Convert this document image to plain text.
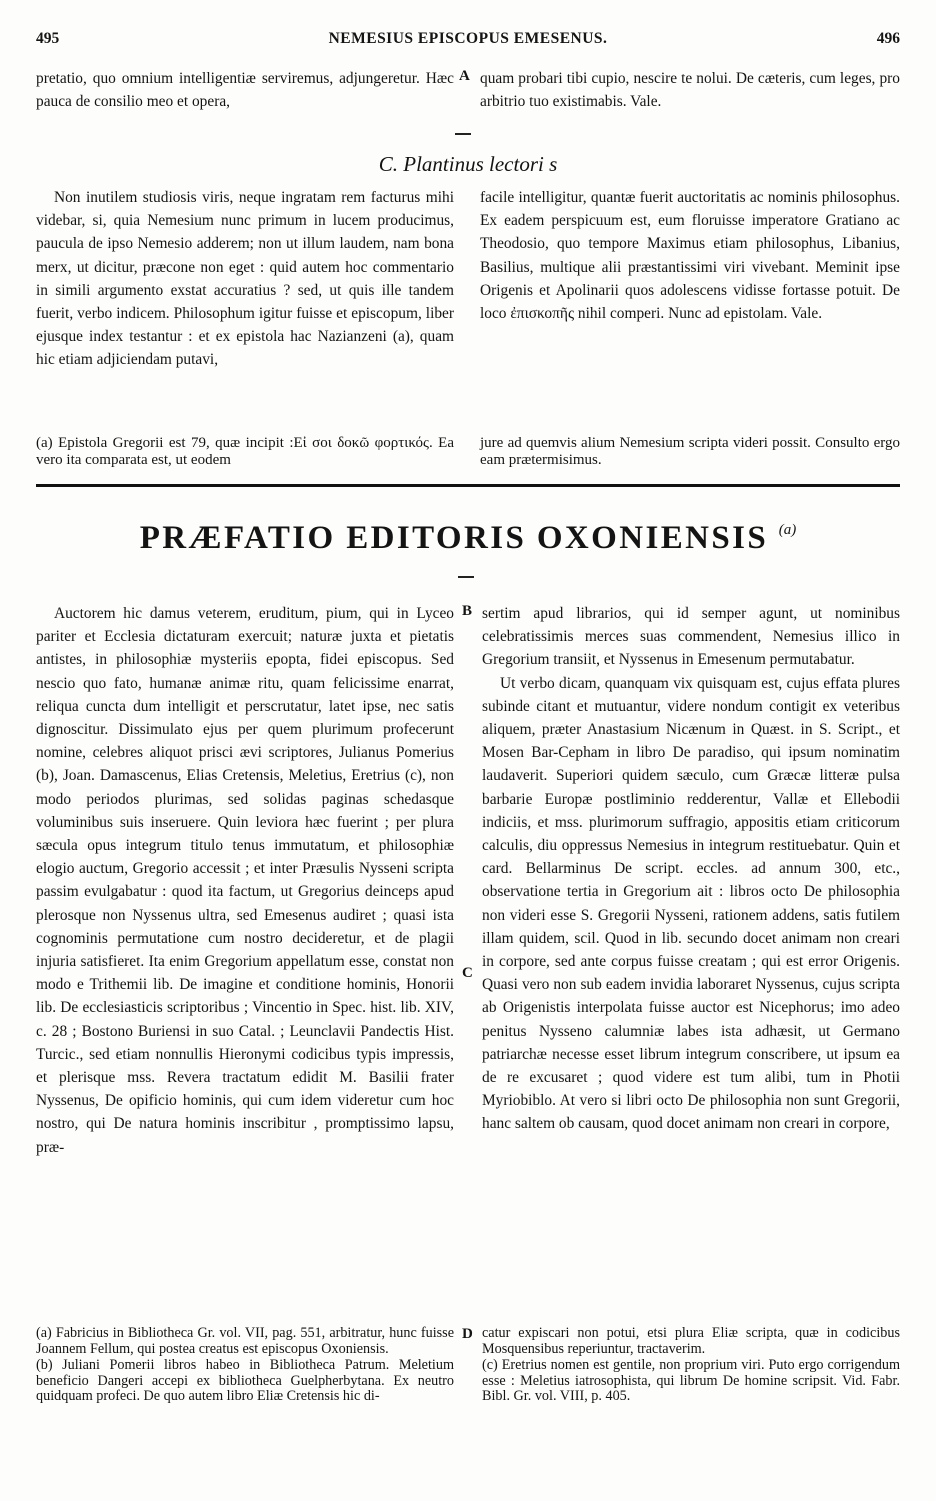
495	NEMESIUS EPISCOPUS EMESENUS.	496

pretatio, quo omnium intelligentiæ serviremus, adjungeretur. Hæc pauca de consilio meo et opera,

A quam probari tibi cupio, nescire te nolui. De cæteris, cum leges, pro arbitrio tuo existimabis. Vale.

C. Plantinus lectori s

Non inutilem studiosis viris, neque ingratam rem facturus mihi videbar, si, quia Nemesium nunc primum in lucem producimus, paucula de ipso Nemesio adderem; non ut illum laudem, nam bona merx, ut dicitur, præcone non eget : quid autem hoc commentario in simili argumento exstat accuratius ? sed, ut quis ille tandem fuerit, verbo indicem. Philosophum igitur fuisse et episcopum, liber ejusque index testantur : et ex epistola hac Nazianzeni (a), quam hic etiam adjiciendam putavi,

facile intelligitur, quantæ fuerit auctoritatis ac nominis philosophus. Ex eadem perspicuum est, eum floruisse imperatore Gratiano ac Theodosio, quo tempore Maximus etiam philosophus, Libanius, Basilius, multique alii præstantissimi viri vivebant. Meminit ipse Origenis et Apolinarii quos adolescens vidisse fortasse potuit. De loco ἐπισκοπῆς nihil comperi. Nunc ad epistolam. Vale.

(a) Epistola Gregorii est 79, quæ incipit :Εἰ σοι δοκῶ φορτικός. Ea vero ita comparata est, ut eodem

jure ad quemvis alium Nemesium scripta videri possit. Consulto ergo eam prætermisimus.

PRÆFATIO EDITORIS OXONIENSIS $^{(a)}$

Auctorem hic damus veterem, eruditum, pium, qui in Lyceo pariter et Ecclesia dictaturam exercuit; naturæ juxta et pietatis antistes, in philosophiæ mysteriis epopta, fidei episcopus. Sed nescio quo fato, humanæ animæ ritu, quam felicissime enarrat, reliqua cuncta dum intelligit et perscrutatur, latet ipse, nec satis dignoscitur. Dissimulato ejus per quem plurimum profecerunt nomine, celebres aliquot prisci ævi scriptores, Julianus Pomerius (b), Joan. Damascenus, Elias Cretensis, Meletius, Eretrius (c), non modo periodos plurimas, sed solidas paginas schedasque voluminibus suis inseruere. Quin leviora hæc fuerint ; per plura sæcula opus integrum titulo tenus immutatum, et philosophiæ elogio auctum, Gregorio accessit ; et inter Præsulis Nysseni scripta passim evulgabatur : quod ita factum, ut Gregorius deinceps apud plerosque non Nyssenus ultra, sed Emesenus audiret ; quasi ista cognominis permutatione cum nostro decideretur, et de plagii injuria satisfieret. Ita enim Gregorium appellatum esse, constat non modo e Trithemii lib. De imagine et conditione hominis, Honorii lib. De ecclesiasticis scriptoribus ; Vincentio in Spec. hist. lib. XIV, c. 28 ; Bostono Buriensi in suo Catal. ; Leunclavii Pandectis Hist. Turcic., sed etiam nonnullis Hieronymi codicibus typis impressis, et plerisque mss. Revera tractatum edidit M. Basilii frater Nyssenus, De opificio hominis, qui cum idem videretur cum hoc nostro, qui De natura hominis inscribitur , promptissimo lapsu, præ-

B
C
D

sertim apud librarios, qui id semper agunt, ut nominibus celebratissimis merces suas commendent, Nemesius illico in Gregorium transiit, et Nyssenus in Emesenum permutabatur.

Ut verbo dicam, quanquam vix quisquam est, cujus effata plures subinde citant et mutuantur, videre nondum contigit ex veteribus aliquem, præter Anastasium Nicænum in Quæst. in S. Script., et Mosen Bar-Cepham in libro De paradiso, qui ipsum nominatim laudaverit. Superiori quidem sæculo, cum Græcæ litteræ pulsa barbarie Europæ postliminio redderentur, Vallæ et Ellebodii indiciis, et mss. plurimorum suffragio, appositis etiam criticorum calculis, diu oppressus Nemesius in integrum restituebatur. Quin et card. Bellarminus De script. eccles. ad annum 300, etc., observatione tertia in Gregorium ait : libros octo De philosophia non videri esse S. Gregorii Nysseni, rationem addens, satis futilem illam quidem, scil. Quod in lib. secundo docet animam non creari in corpore, sed ante corpus fuisse creatam ; qui est error Origenis. Quasi vero non sub eadem invidia laboraret Nyssenus, cujus scripta ab Origenistis interpolata fuisse auctor est Nicephorus; imo adeo penitus Nysseno calumniæ labes ista adhæsit, ut Germano patriarchæ necesse esset librum integrum conscribere, ut ipsum ea de re excusaret ; quod videre est tum alibi, tum in Photii Myriobiblo. At vero si libri octo De philosophia non sunt Gregorii, hanc saltem ob causam, quod docet animam non creari in corpore,

(a) Fabricius in Bibliotheca Gr. vol. VII, pag. 551, arbitratur, hunc fuisse Joannem Fellum, qui postea creatus est episcopus Oxoniensis.

(b) Juliani Pomerii libros habeo in Bibliotheca Patrum. Meletium beneficio Dangeri accepi ex bibliotheca Guelpherbytana. Ex neutro quidquam profeci. De quo autem libro Eliæ Cretensis hic di-

catur expiscari non potui, etsi plura Eliæ scripta, quæ in codicibus Mosquensibus reperiuntur, tractaverim.

(c) Eretrius nomen est gentile, non proprium viri. Puto ergo corrigendum esse : Meletius iatrosophista, qui librum De homine scripsit. Vid. Fabr. Bibl. Gr. vol. VIII, p. 405.
